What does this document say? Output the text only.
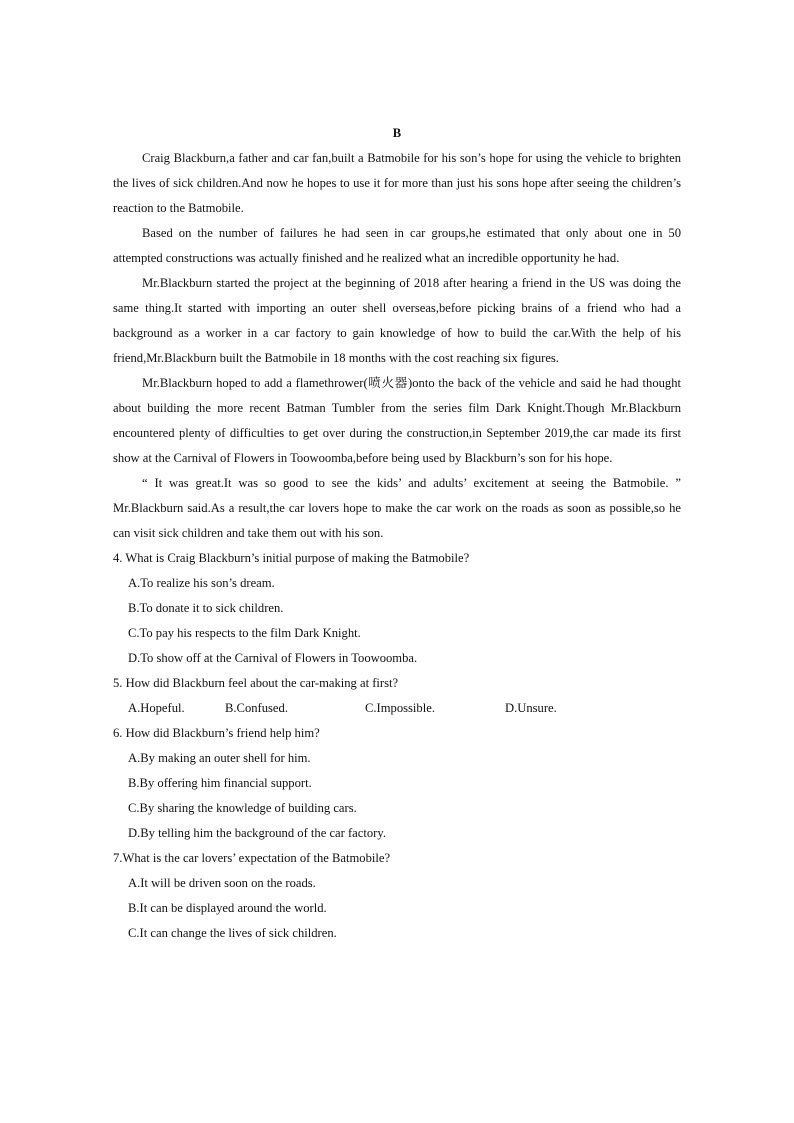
B

Craig Blackburn,a father and car fan,built a Batmobile for his son’s hope for using the vehicle to brighten the lives of sick children.And now he hopes to use it for more than just his sons hope after seeing the children’s reaction to the Batmobile.

Based on the number of failures he had seen in car groups,he estimated that only about one in 50 attempted constructions was actually finished and he realized what an incredible opportunity he had.

Mr.Blackburn started the project at the beginning of 2018 after hearing a friend in the US was doing the same thing.It started with importing an outer shell overseas,before picking brains of a friend who had a background as a worker in a car factory to gain knowledge of how to build the car.With the help of his friend,Mr.Blackburn built the Batmobile in 18 months with the cost reaching six figures.

Mr.Blackburn hoped to add a flamethrower(喷火器)onto the back of the vehicle and said he had thought about building the more recent Batman Tumbler from the series film Dark Knight.Though Mr.Blackburn encountered plenty of difficulties to get over during the construction,in September 2019,the car made its first show at the Carnival of Flowers in Toowoomba,before being used by Blackburn’s son for his hope.

“ It was great.It was so good to see the kids’ and adults’ excitement at seeing the Batmobile. ” Mr.Blackburn said.As a result,the car lovers hope to make the car work on the roads as soon as possible,so he can visit sick children and take them out with his son.

4. What is Craig Blackburn’s initial purpose of making the Batmobile?

A.To realize his son’s dream.

B.To donate it to sick children.

C.To pay his respects to the film Dark Knight.

D.To show off at the Carnival of Flowers in Toowoomba.

5. How did Blackburn feel about the car-making at first?

A.Hopeful.	B.Confused.	C.Impossible.	D.Unsure.

6. How did Blackburn’s friend help him?

A.By making an outer shell for him.

B.By offering him financial support.

C.By sharing the knowledge of building cars.

D.By telling him the background of the car factory.

7.What is the car lovers’ expectation of the Batmobile?

A.It will be driven soon on the roads.

B.It can be displayed around the world.

C.It can change the lives of sick children.
